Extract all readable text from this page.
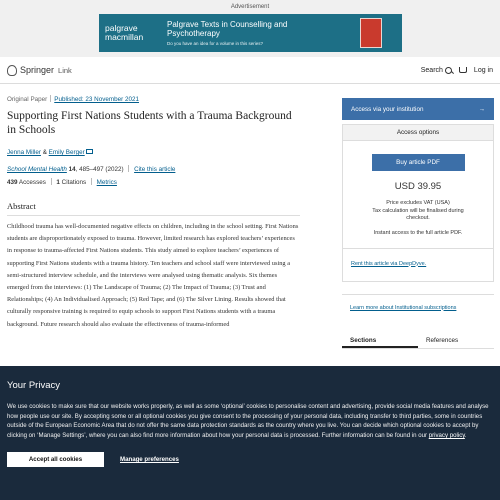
Advertisement
palgrave
macmillan
Palgrave Texts in Counselling and
Psychotherapy
Do you have an idea for a volume in this series?
Springer Link	Search	Log in
Original Paper Published: 23 November 2021
Supporting First Nations Students with a Trauma Background in Schools
Jenna Miller & Emily Berger
School Mental Health 14, 485–497 (2022) Cite this article
439 Accesses 1 Citations Metrics
Abstract

Childhood trauma has well-documented negative effects on children, including in the school setting. First Nations students are disproportionately exposed to trauma. However, limited research has explored teachers’ experiences in response to trauma-affected First Nations students. This study aimed to explore teachers’ experiences of supporting First Nations students with a trauma history. Ten teachers and school staff were interviewed using a semi-structured interview schedule, and the interviews were analysed using thematic analysis. Six themes emerged from the interviews: (1) The Landscape of Trauma; (2) The Impact of Trauma; (3) Trust and Relationships; (4) An Individualised Approach; (5) Red Tape; and (6) The Silver Lining. Results showed that culturally responsive training is required to equip schools to support First Nations students with a trauma background. Future research should also evaluate the effectiveness of trauma-informed

Access via your institution	→
Access options
Buy article PDF
USD 39.95
Price excludes VAT (USA)
Tax calculation will be finalised during
checkout.
Instant access to the full article PDF.
Rent this article via DeepDyve.
Learn more about Institutional subscriptions
Sections	References
Your Privacy

We use cookies to make sure that our website works properly, as well as some ‘optional’ cookies to personalise content and advertising, provide social media features and analyse how people use our site. By accepting some or all optional cookies you give consent to the processing of your personal data, including transfer to third parties, some in countries outside of the European Economic Area that do not offer the same data protection standards as the country where you live. You can decide which optional cookies to accept by clicking on ‘Manage Settings’, where you can also find more information about how your personal data is processed. Further information can be found in our privacy policy.

Accept all cookies	Manage preferences
